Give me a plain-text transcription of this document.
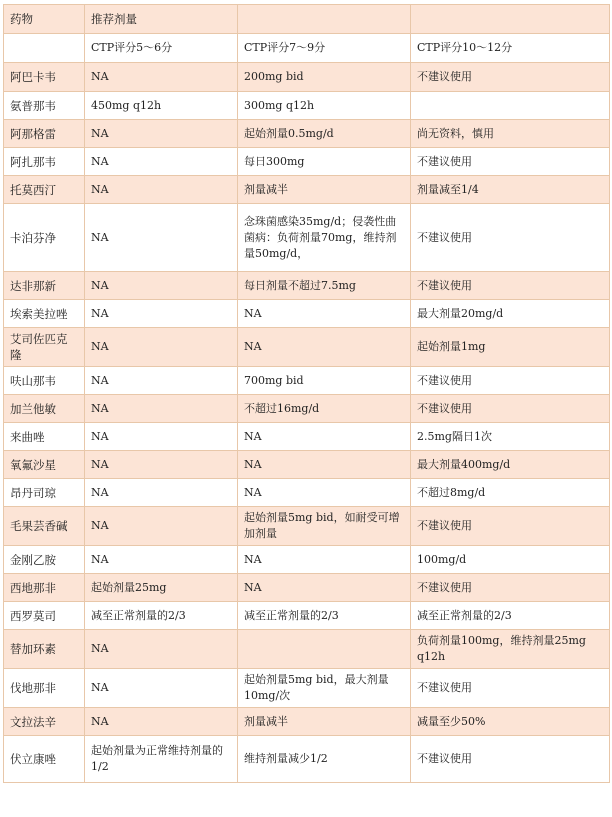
药物	推荐剂量		
	CTP评分5～6分	CTP评分7～9分	CTP评分10～12分
阿巴卡韦	NA	200mg bid	不建议使用
氨普那韦	450mg q12h	300mg q12h	
阿那格雷	NA	起始剂量0.5mg/d	尚无资料，慎用
阿扎那韦	NA	每日300mg	不建议使用
托莫西汀	NA	剂量减半	剂量减至1/4
卡泊芬净	NA	念珠菌感染35mg/d；侵袭性曲菌病：负荷剂量70mg，维持剂量50mg/d，	不建议使用
达非那新	NA	每日剂量不超过7.5mg	不建议使用
埃索美拉唑	NA	NA	最大剂量20mg/d
艾司佐匹克隆	NA	NA	起始剂量1mg
呋山那韦	NA	700mg bid	不建议使用
加兰他敏	NA	不超过16mg/d	不建议使用
来曲唑	NA	NA	2.5mg隔日1次
氧氟沙星	NA	NA	最大剂量400mg/d
昂丹司琼	NA	NA	不超过8mg/d
毛果芸香碱	NA	起始剂量5mg bid，如耐受可增加剂量	不建议使用
金刚乙胺	NA	NA	100mg/d
西地那非	起始剂量25mg	NA	不建议使用
西罗莫司	减至正常剂量的2/3	减至正常剂量的2/3	减至正常剂量的2/3
替加环素	NA		负荷剂量100mg，维持剂量25mg q12h
伐地那非	NA	起始剂量5mg bid，最大剂量10mg/次	不建议使用
文拉法辛	NA	剂量减半	减量至少50%
伏立康唑	起始剂量为正常维持剂量的1/2	维持剂量减少1/2	不建议使用
